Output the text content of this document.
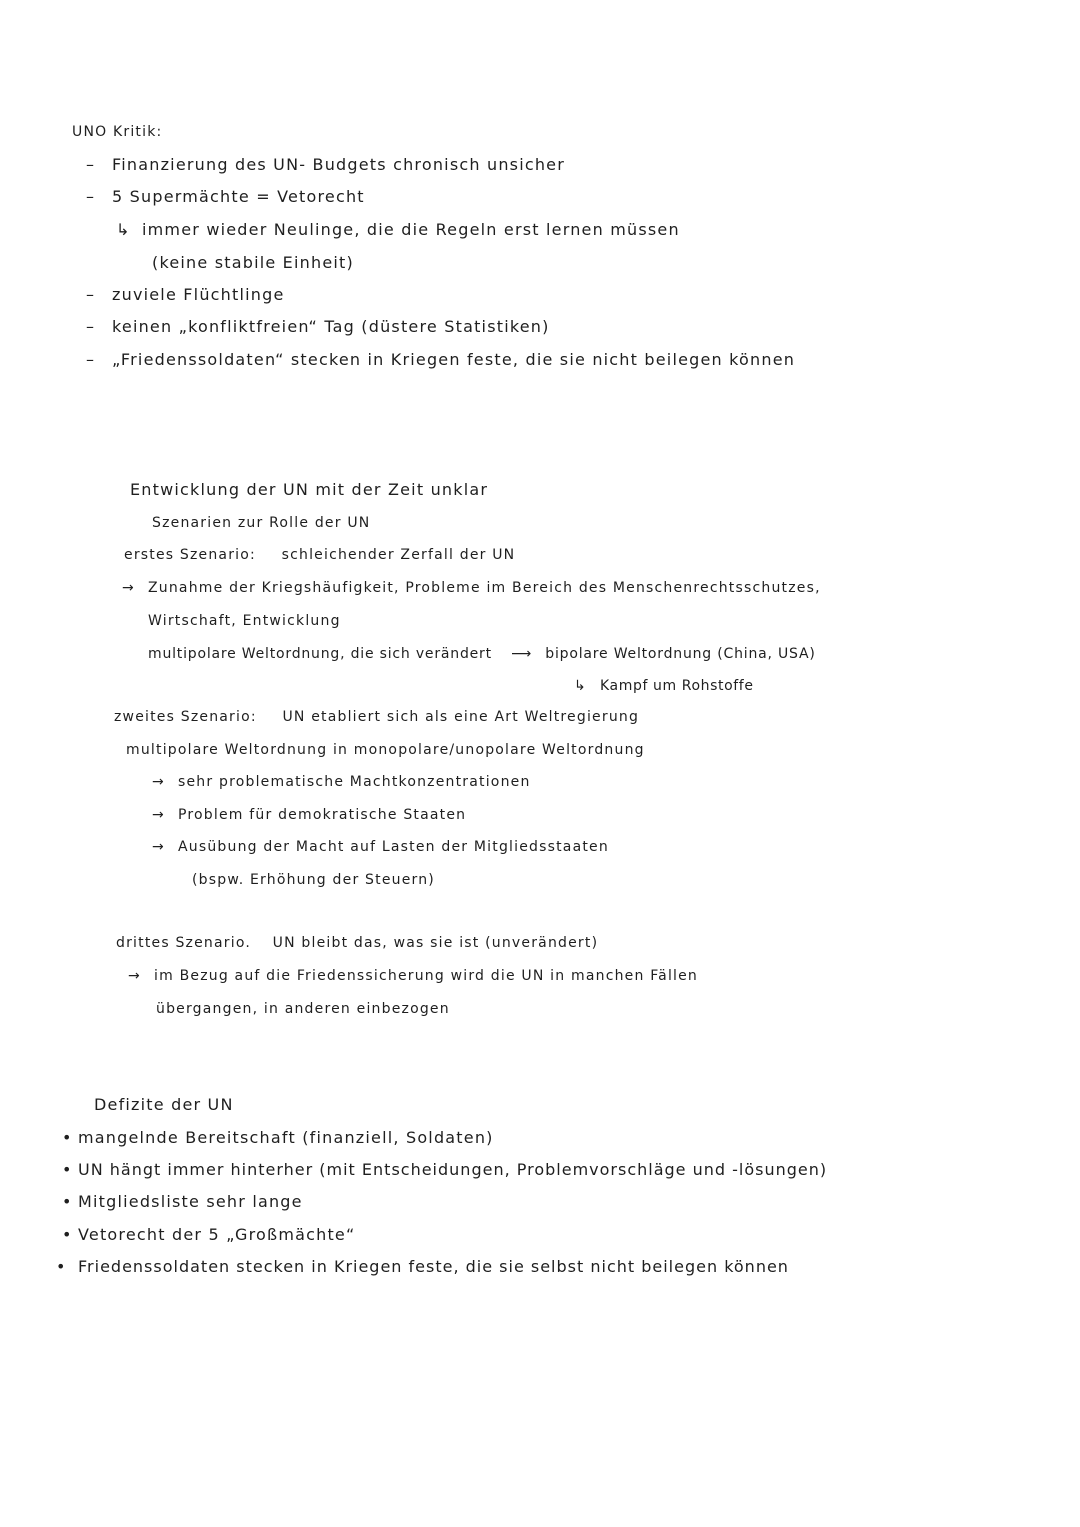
UNO Kritik:
– Finanzierung des UN- Budgets chronisch unsicher
– 5 Supermächte = Vetorecht
↳ immer wieder Neulinge, die die Regeln erst lernen müssen
(keine stabile Einheit)
– zuviele Flüchtlinge
– keinen „konfliktfreien“ Tag (düstere Statistiken)
– „Friedenssoldaten“ stecken in Kriegen feste, die sie nicht beilegen können
Entwicklung der UN mit der Zeit unklar
Szenarien zur Rolle der UN
erstes Szenario: schleichender Zerfall der UN
→ Zunahme der Kriegshäufigkeit, Probleme im Bereich des Menschenrechtsschutzes,
Wirtschaft, Entwicklung
multipolare Weltordnung, die sich verändert ⟶ bipolare Weltordnung (China, USA)
↳ Kampf um Rohstoffe
zweites Szenario: UN etabliert sich als eine Art Weltregierung
multipolare Weltordnung in monopolare/unopolare Weltordnung
→ sehr problematische Machtkonzentrationen
→ Problem für demokratische Staaten
→ Ausübung der Macht auf Lasten der Mitgliedsstaaten
(bspw. Erhöhung der Steuern)
drittes Szenario. UN bleibt das, was sie ist (unverändert)
→ im Bezug auf die Friedenssicherung wird die UN in manchen Fällen
übergangen, in anderen einbezogen
Defizite der UN
• mangelnde Bereitschaft (finanziell, Soldaten)
• UN hängt immer hinterher (mit Entscheidungen, Problemvorschläge und -lösungen)
• Mitgliedsliste sehr lange
• Vetorecht der 5 „Großmächte“
• Friedenssoldaten stecken in Kriegen feste, die sie selbst nicht beilegen können
